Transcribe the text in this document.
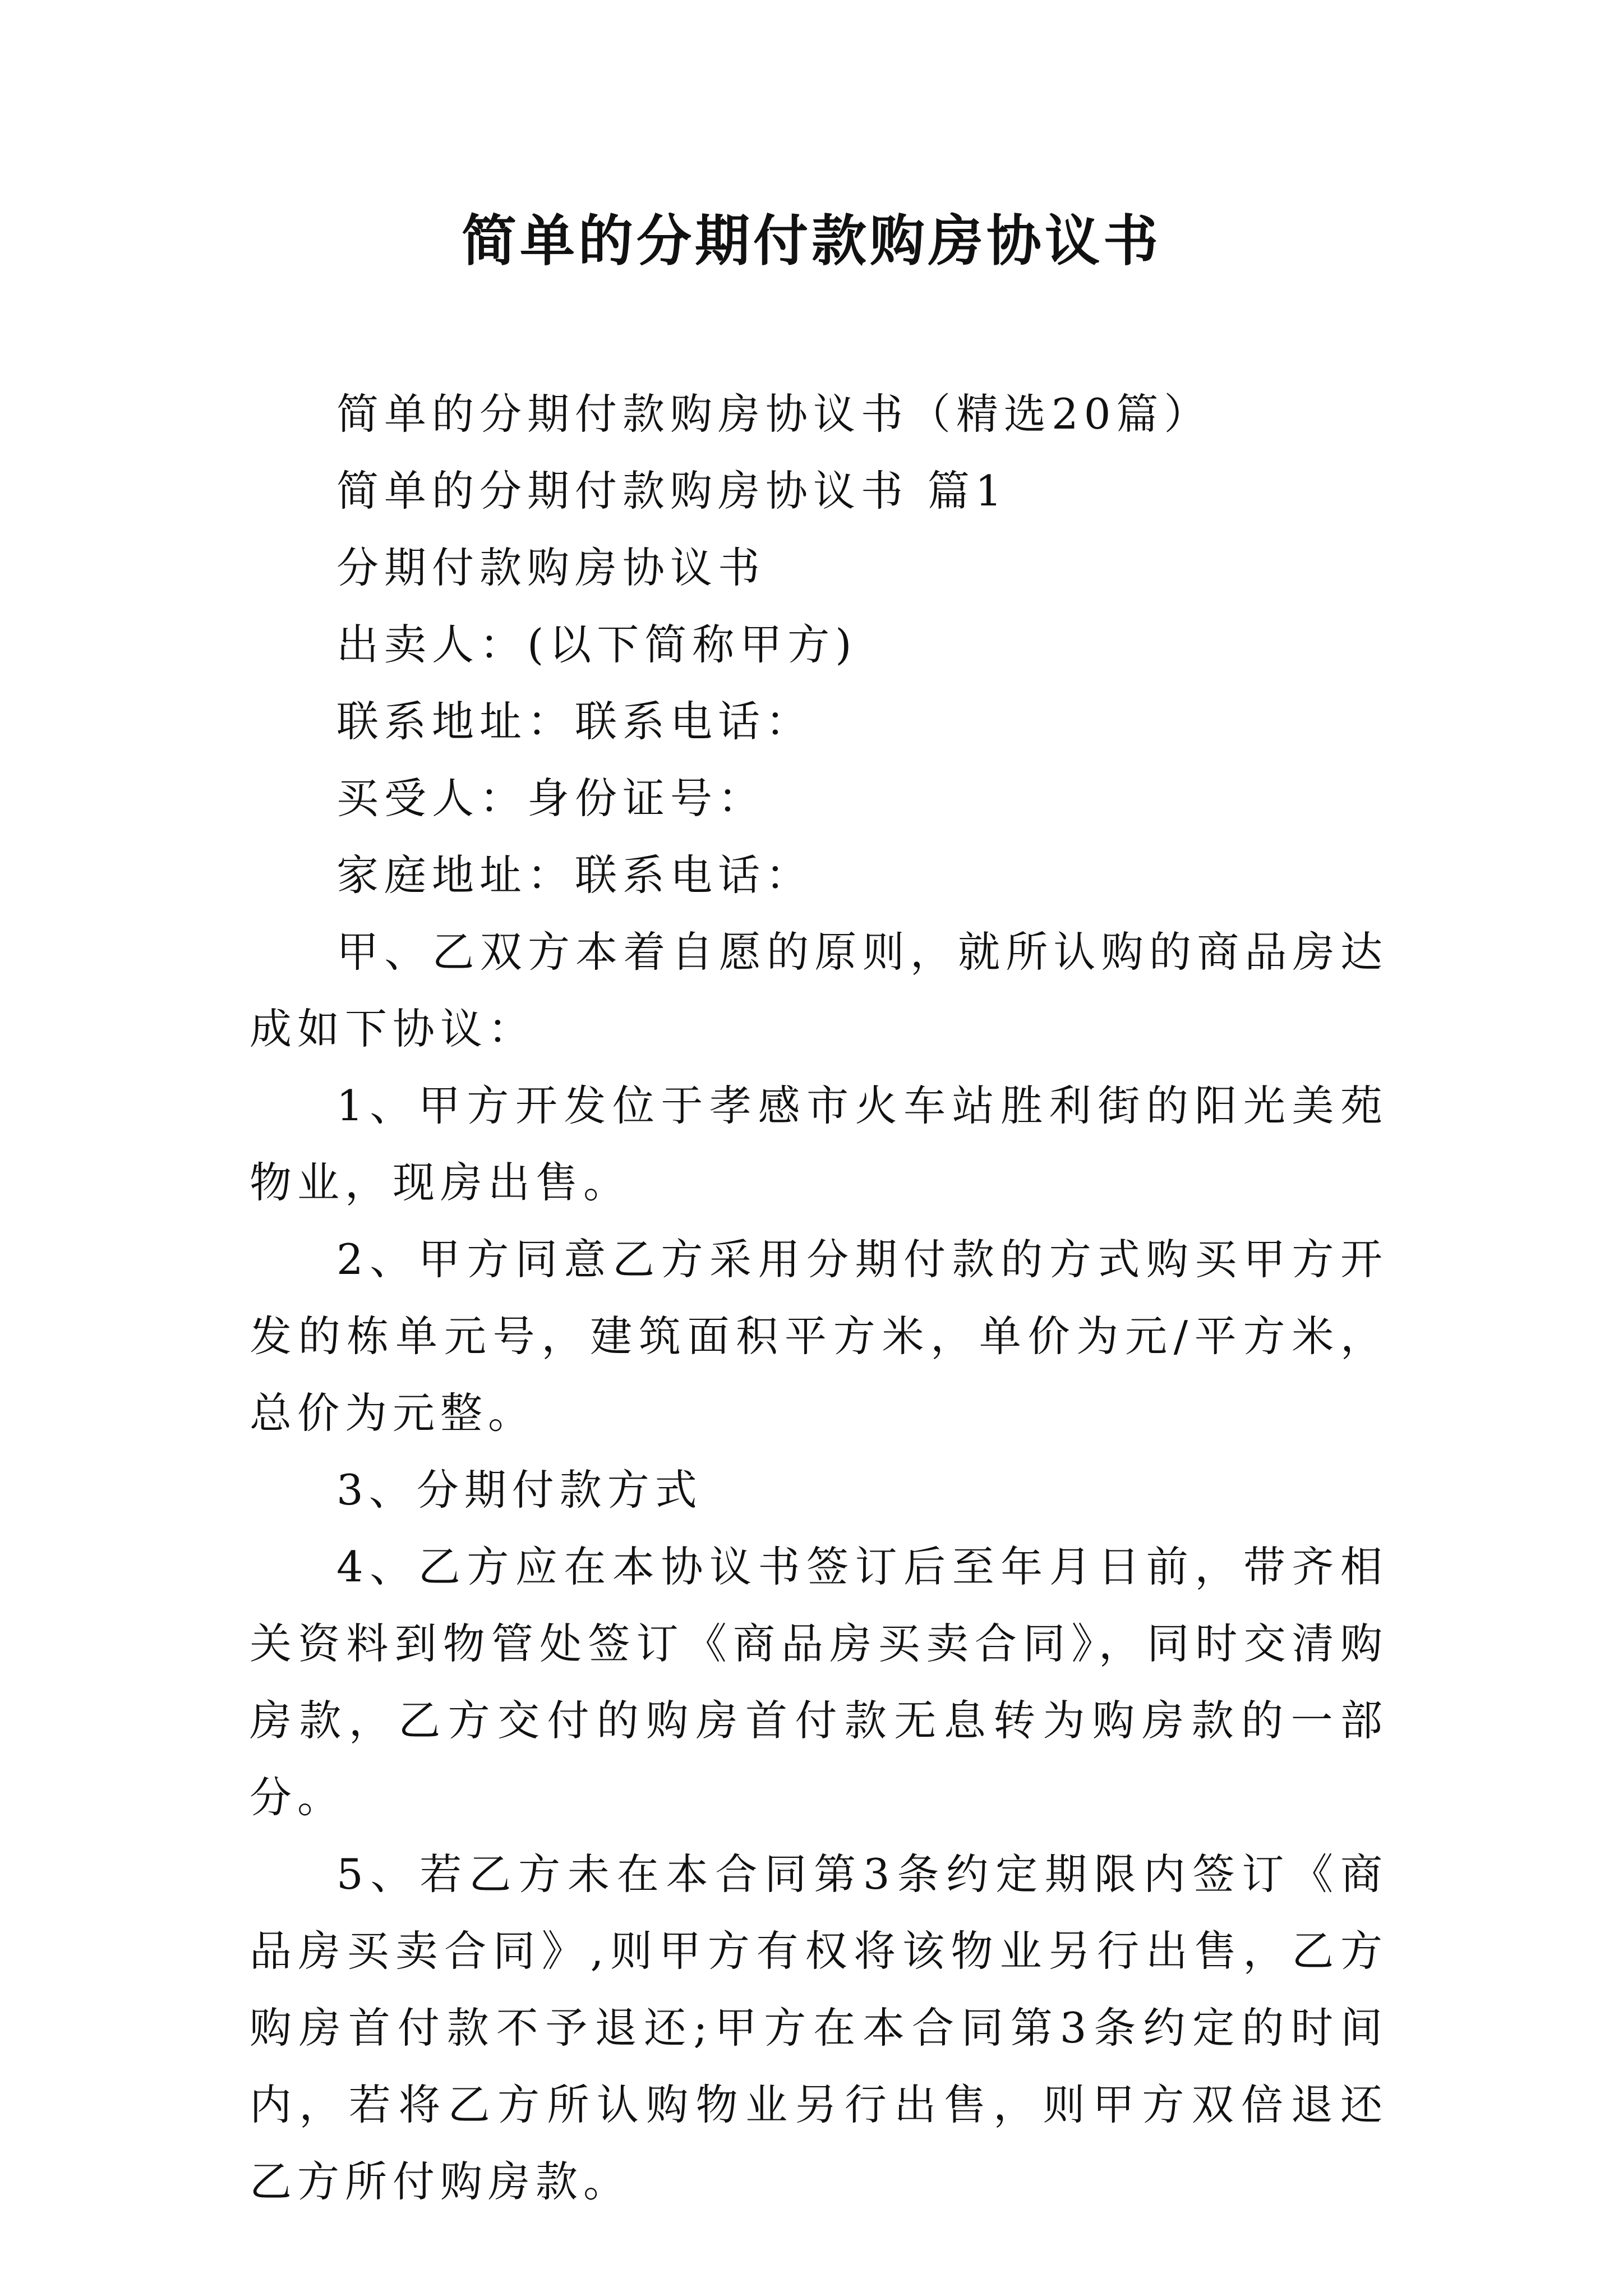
简单的分期付款购房协议书

简单的分期付款购房协议书（精选20篇）

简单的分期付款购房协议书 篇1

分期付款购房协议书

出卖人：(以下简称甲方)

联系地址：联系电话：

买受人：身份证号：

家庭地址：联系电话：

甲、乙双方本着自愿的原则，就所认购的商品房达成如下协议：

1、甲方开发位于孝感市火车站胜利街的阳光美苑物业，现房出售。

2、甲方同意乙方采用分期付款的方式购买甲方开发的栋单元号，建筑面积平方米，单价为元/平方米，总价为元整。

3、分期付款方式

4、乙方应在本协议书签订后至年月日前，带齐相关资料到物管处签订《商品房买卖合同》，同时交清购房款，乙方交付的购房首付款无息转为购房款的一部分。

5、若乙方未在本合同第3条约定期限内签订《商品房买卖合同》,则甲方有权将该物业另行出售，乙方购房首付款不予退还;甲方在本合同第3条约定的时间内，若将乙方所认购物业另行出售，则甲方双倍退还乙方所付购房款。
